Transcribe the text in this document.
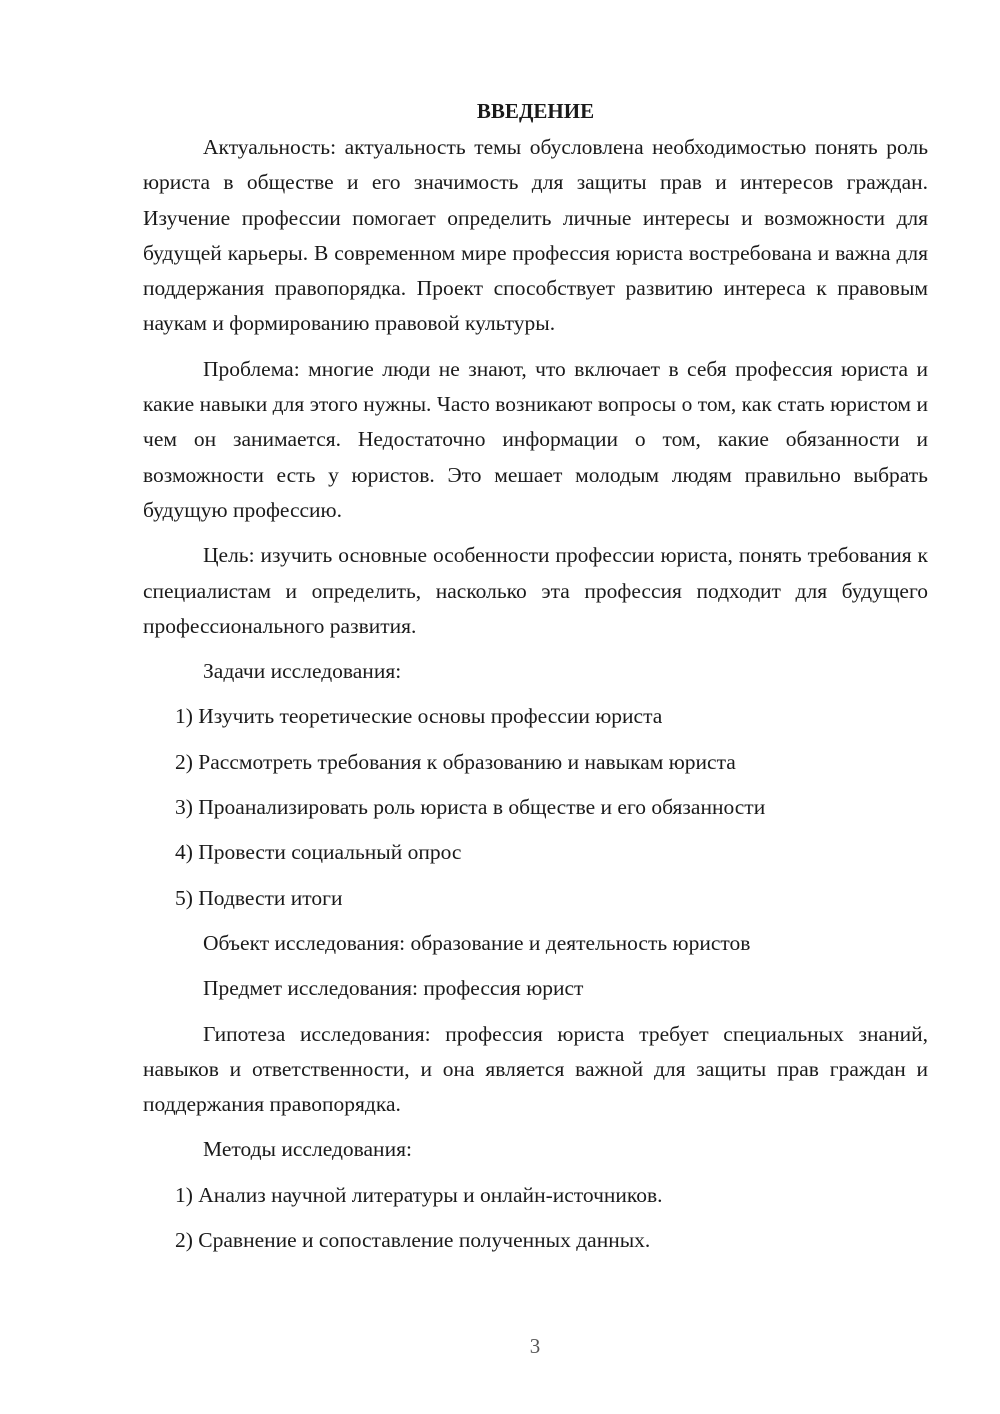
ВВЕДЕНИЕ

Актуальность: актуальность темы обусловлена необходимостью понять роль юриста в обществе и его значимость для защиты прав и интересов граждан. Изучение профессии помогает определить личные интересы и возможности для будущей карьеры. В современном мире профессия юриста востребована и важна для поддержания правопорядка. Проект способствует развитию интереса к правовым наукам и формированию правовой культуры.

Проблема: многие люди не знают, что включает в себя профессия юриста и какие навыки для этого нужны. Часто возникают вопросы о том, как стать юристом и чем он занимается. Недостаточно информации о том, какие обязанности и возможности есть у юристов. Это мешает молодым людям правильно выбрать будущую профессию.

Цель: изучить основные особенности профессии юриста, понять требования к специалистам и определить, насколько эта профессия подходит для будущего профессионального развития.

Задачи исследования:
1) Изучить теоретические основы профессии юриста
2) Рассмотреть требования к образованию и навыкам юриста
3) Проанализировать роль юриста в обществе и его обязанности
4) Провести социальный опрос
5) Подвести итоги
Объект исследования: образование и деятельность юристов
Предмет исследования: профессия юрист

Гипотеза исследования: профессия юриста требует специальных знаний, навыков и ответственности, и она является важной для защиты прав граждан и поддержания правопорядка.

Методы исследования:
1) Анализ научной литературы и онлайн-источников.
2) Сравнение и сопоставление полученных данных.
3
